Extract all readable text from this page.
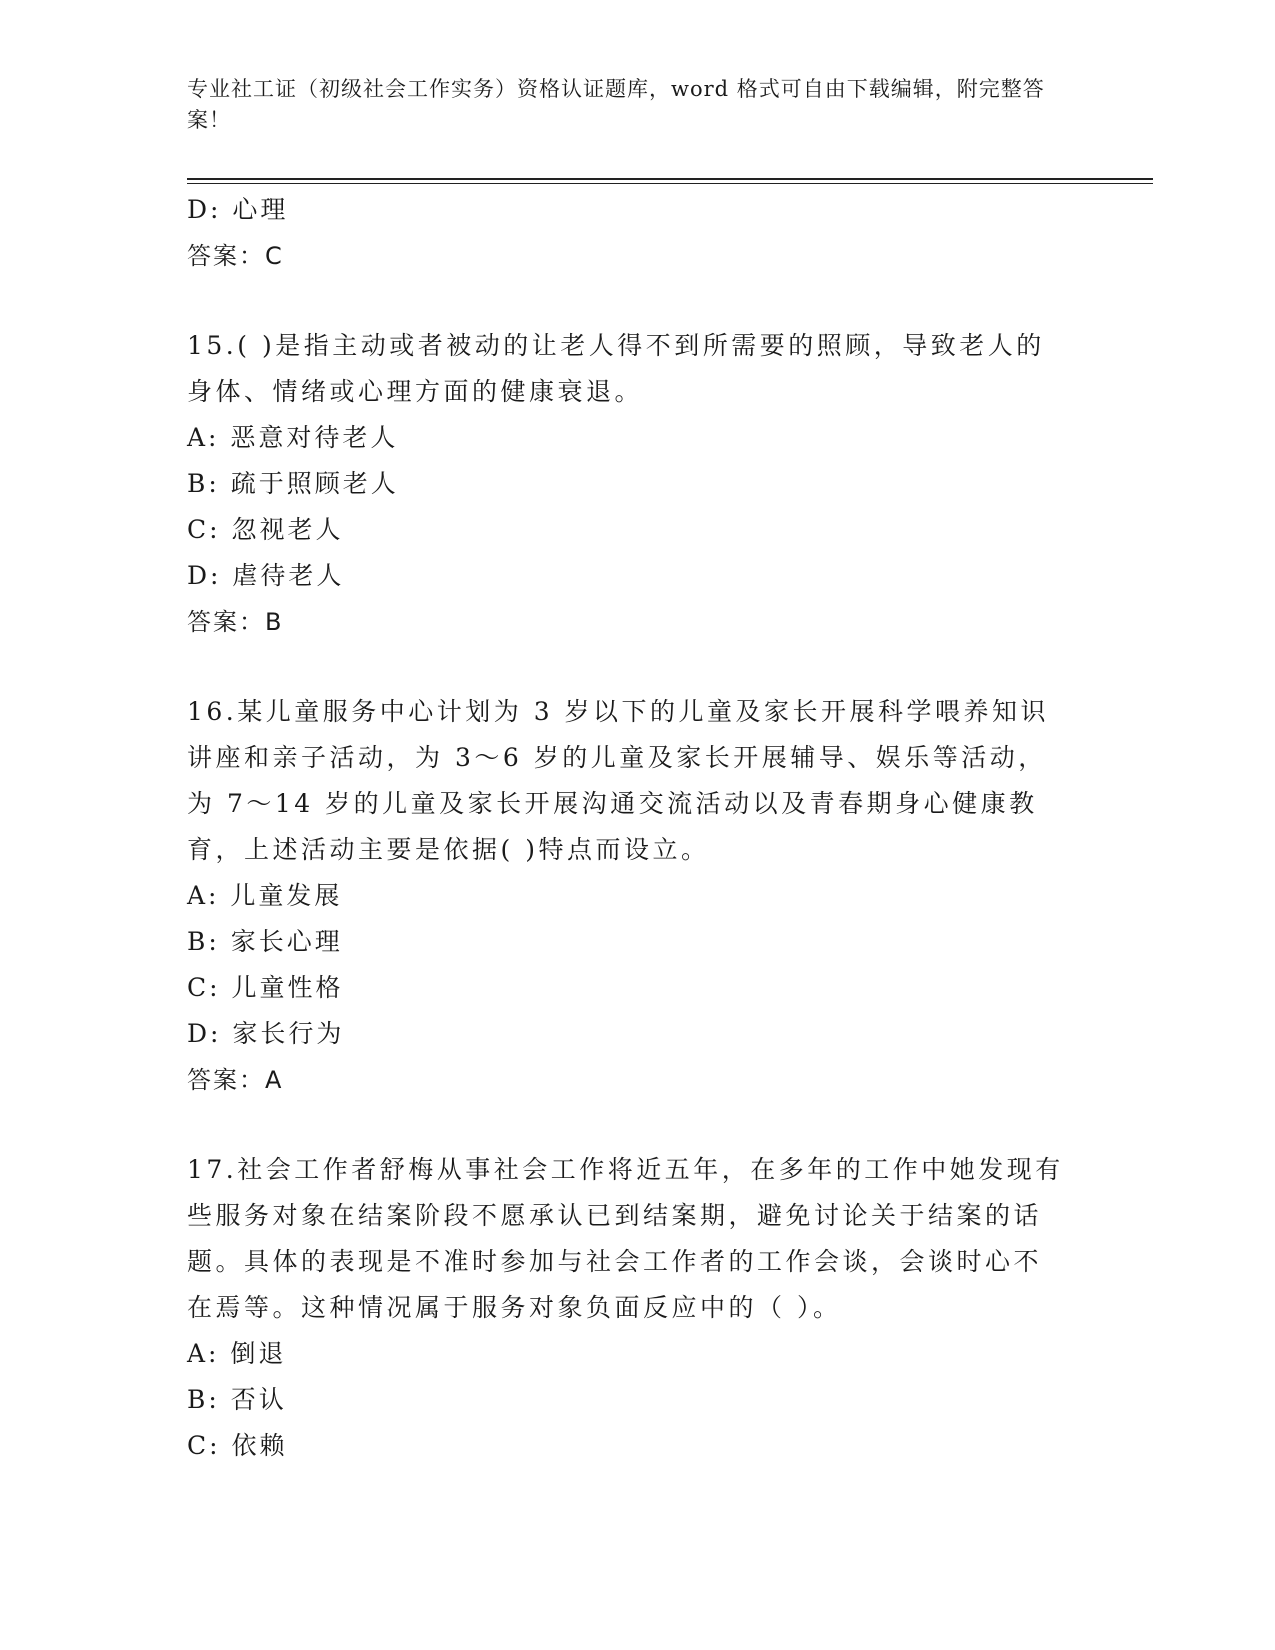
专业社工证（初级社会工作实务）资格认证题库，word 格式可自由下载编辑，附完整答案！
D: 心理
答案：C
15.( )是指主动或者被动的让老人得不到所需要的照顾，导致老人的身体、情绪或心理方面的健康衰退。
A: 恶意对待老人
B: 疏于照顾老人
C: 忽视老人
D: 虐待老人
答案：B
16.某儿童服务中心计划为 3 岁以下的儿童及家长开展科学喂养知识讲座和亲子活动，为 3～6 岁的儿童及家长开展辅导、娱乐等活动，为 7～14 岁的儿童及家长开展沟通交流活动以及青春期身心健康教育，上述活动主要是依据( )特点而设立。
A: 儿童发展
B: 家长心理
C: 儿童性格
D: 家长行为
答案：A
17.社会工作者舒梅从事社会工作将近五年，在多年的工作中她发现有些服务对象在结案阶段不愿承认已到结案期，避免讨论关于结案的话题。具体的表现是不准时参加与社会工作者的工作会谈，会谈时心不在焉等。这种情况属于服务对象负面反应中的（ ）。
A: 倒退
B: 否认
C: 依赖
